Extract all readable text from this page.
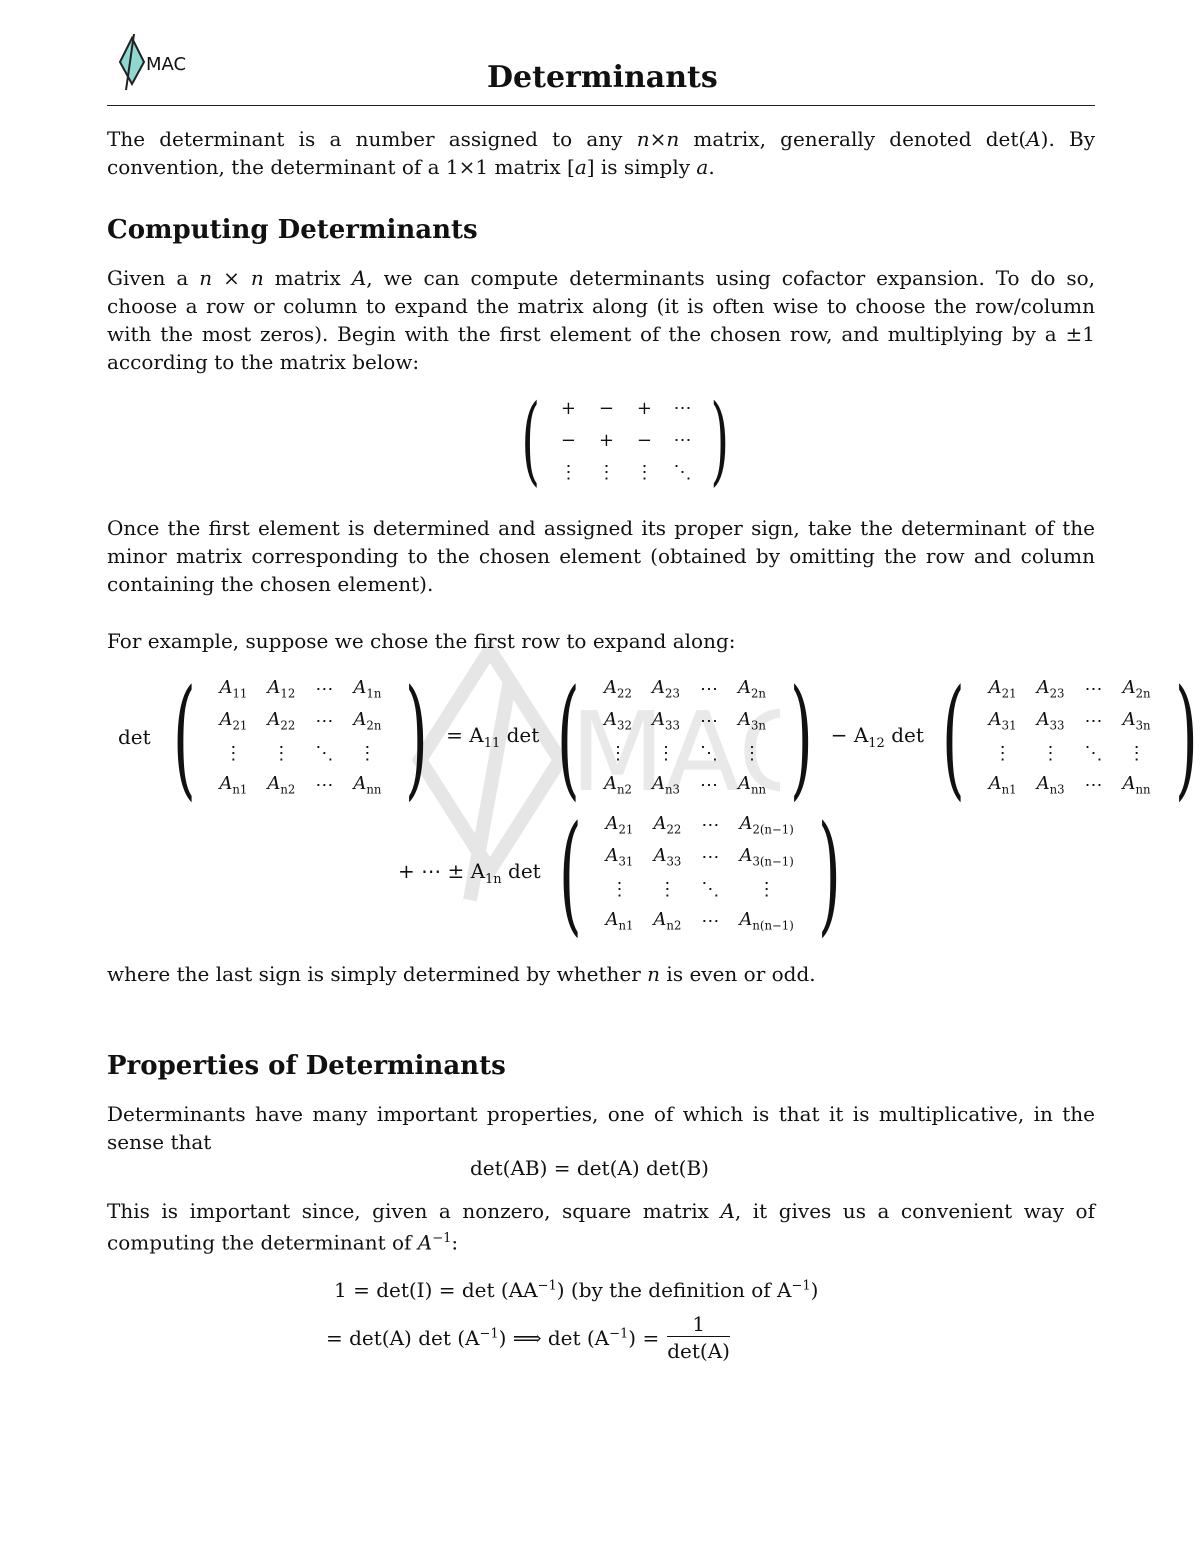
MAC
MAC	Determinants

The determinant is a number assigned to any n×n matrix, generally denoted det(A). By convention, the determinant of a 1×1 matrix [a] is simply a.

Computing Determinants

Given a n × n matrix A, we can compute determinants using cofactor expansion. To do so, choose a row or column to expand the matrix along (it is often wise to choose the row/column with the most zeros). Begin with the first element of the chosen row, and multiplying by a ±1 according to the matrix below:

( +	−	+	⋯
−	+	−	⋯
⋮	⋮	⋮	⋱ )

Once the first element is determined and assigned its proper sign, take the determinant of the minor matrix corresponding to the chosen element (obtained by omitting the row and column containing the chosen element).

For example, suppose we chose the first row to expand along:

det ( $A_{11}$	$A_{12}$	⋯	$A_{1n}$
$A_{21}$	$A_{22}$	⋯	$A_{2n}$
⋮	⋮	⋱	⋮
$A_{n1}$	$A_{n2}$	⋯	$A_{nn}$ ) = $A_{11}$ det ( $A_{22}$	$A_{23}$	⋯	$A_{2n}$
$A_{32}$	$A_{33}$	⋯	$A_{3n}$
⋮	⋮	⋱	⋮
$A_{n2}$	$A_{n3}$	⋯	$A_{nn}$ ) − $A_{12}$ det ( $A_{21}$	$A_{23}$	⋯	$A_{2n}$
$A_{31}$	$A_{33}$	⋯	$A_{3n}$
⋮	⋮	⋱	⋮
$A_{n1}$	$A_{n3}$	⋯	$A_{nn}$ )
+ ⋯ ± $A_{1n}$ det ( $A_{21}$	$A_{22}$	⋯	$A_{2(n-1)}$
$A_{31}$	$A_{33}$	⋯	$A_{3(n-1)}$
⋮	⋮	⋱	⋮
$A_{n1}$	$A_{n2}$	⋯	$A_{n(n-1)}$ )

where the last sign is simply determined by whether n is even or odd.

Properties of Determinants

Determinants have many important properties, one of which is that it is multiplicative, in the sense that

det(AB) = det(A) det(B)

This is important since, given a nonzero, square matrix A, it gives us a convenient way of computing the determinant of $A^{-1}$:

$1 = \det(I) = \det (AA^{-1})$ (by the definition of $A^{-1}$)
= det(A) $\det (A^{-1})$ ⟹ $\det (A^{-1})$ =
1
det(A)
